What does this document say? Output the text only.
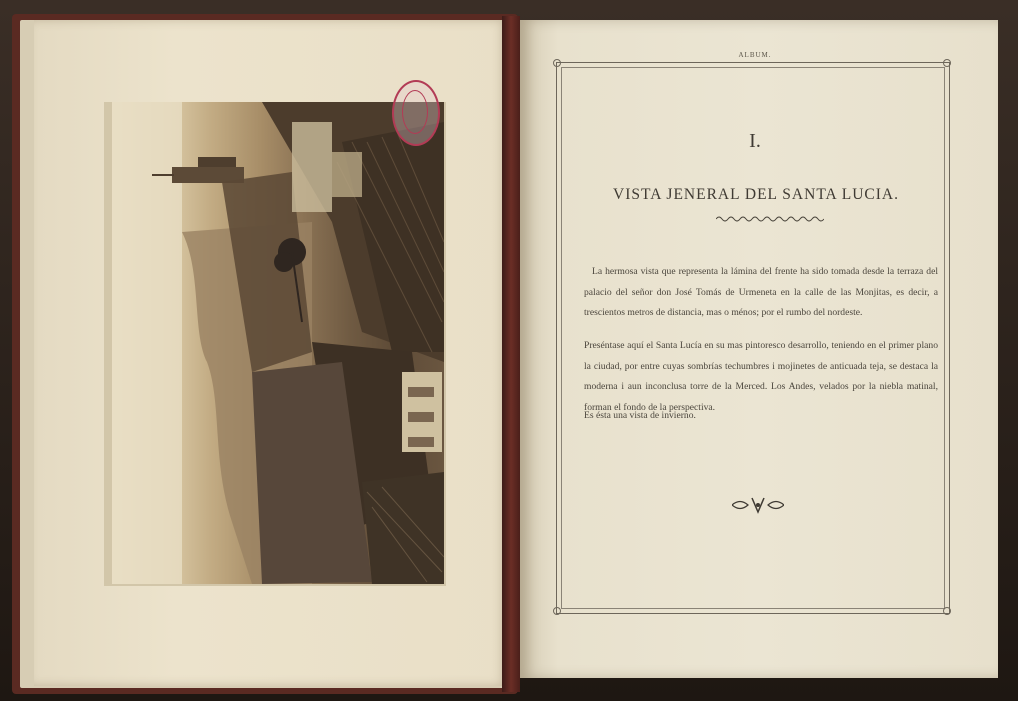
ALBUM.
I.
VISTA JENERAL DEL SANTA LUCIA.

La hermosa vista que representa la lámina del frente ha sido tomada desde la terraza del palacio del señor don José Tomás de Urmeneta en la calle de las Monjitas, es decir, a trescientos metros de distancia, mas o ménos; por el rumbo del nordeste.

Preséntase aquí el Santa Lucía en su mas pintoresco desarrollo, teniendo en el primer plano la ciudad, por entre cuyas sombrías techumbres i mojinetes de anticuada teja, se destaca la moderna i aun inconclusa torre de la Merced. Los Andes, velados por la niebla matinal, forman el fondo de la perspectiva.

Es ésta una vista de invierno.
